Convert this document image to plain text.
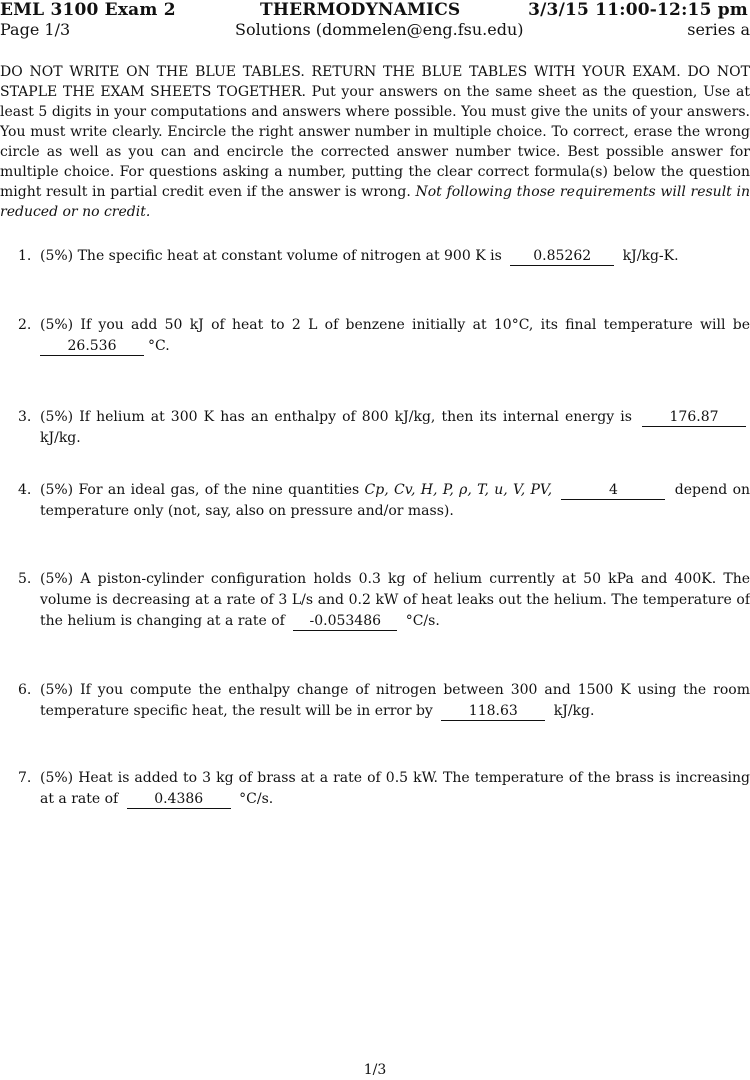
EML 3100 Exam 2	THERMODYNAMICS	3/3/15 11:00-12:15 pm
Page 1/3	Solutions (dommelen@eng.fsu.edu)	series a
DO NOT WRITE ON THE BLUE TABLES. RETURN THE BLUE TABLES WITH YOUR EXAM. DO NOT STAPLE THE EXAM SHEETS TOGETHER. Put your answers on the same sheet as the question, Use at least 5 digits in your computations and answers where possible. You must give the units of your answers. You must write clearly. Encircle the right answer number in multiple choice. To correct, erase the wrong circle as well as you can and encircle the corrected answer number twice. Best possible answer for multiple choice. For questions asking a number, putting the clear correct formula(s) below the question might result in partial credit even if the answer is wrong. Not following those requirements will result in reduced or no credit.
1. (5%) The specific heat at constant volume of nitrogen at 900 K is 0.85262 kJ/kg-K.
2. (5%) If you add 50 kJ of heat to 2 L of benzene initially at 10°C, its final temperature will be 26.536 °C.
3. (5%) If helium at 300 K has an enthalpy of 800 kJ/kg, then its internal energy is	176.87 kJ/kg.
4. (5%) For an ideal gas, of the nine quantities Cp, Cv, H, P, ρ, T, u, V, PV,	4	depend on temperature only (not, say, also on pressure and/or mass).
5. (5%) A piston-cylinder configuration holds 0.3 kg of helium currently at 50 kPa and 400K. The volume is decreasing at a rate of 3 L/s and 0.2 kW of heat leaks out the helium. The temperature of the helium is changing at a rate of -0.053486 °C/s.
6. (5%) If you compute the enthalpy change of nitrogen between 300 and 1500 K using the room temperature specific heat, the result will be in error by	118.63	kJ/kg.
7. (5%) Heat is added to 3 kg of brass at a rate of 0.5 kW. The temperature of the brass is increasing at a rate of	0.4386	°C/s.
1/3
